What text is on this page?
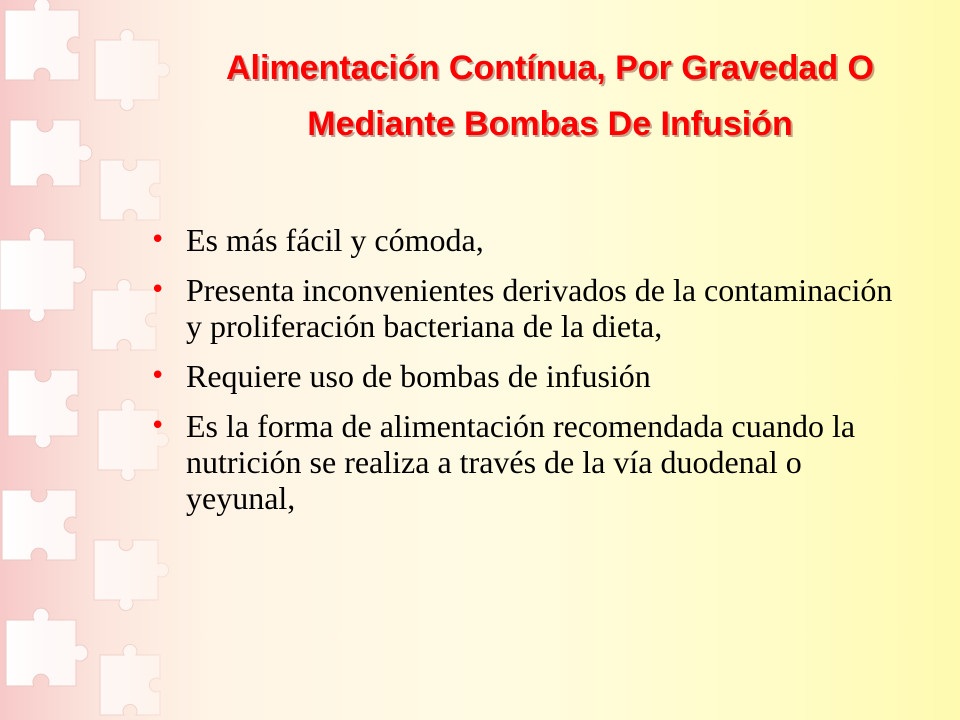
Alimentación Contínua, Por Gravedad O Mediante Bombas De Infusión
• Es más fácil y cómoda,
• Presenta inconvenientes derivados de la contaminación y proliferación bacteriana de la dieta,
• Requiere uso de bombas de infusión
• Es la forma de alimentación recomendada cuando la nutrición se realiza a través de la vía duodenal o yeyunal,
